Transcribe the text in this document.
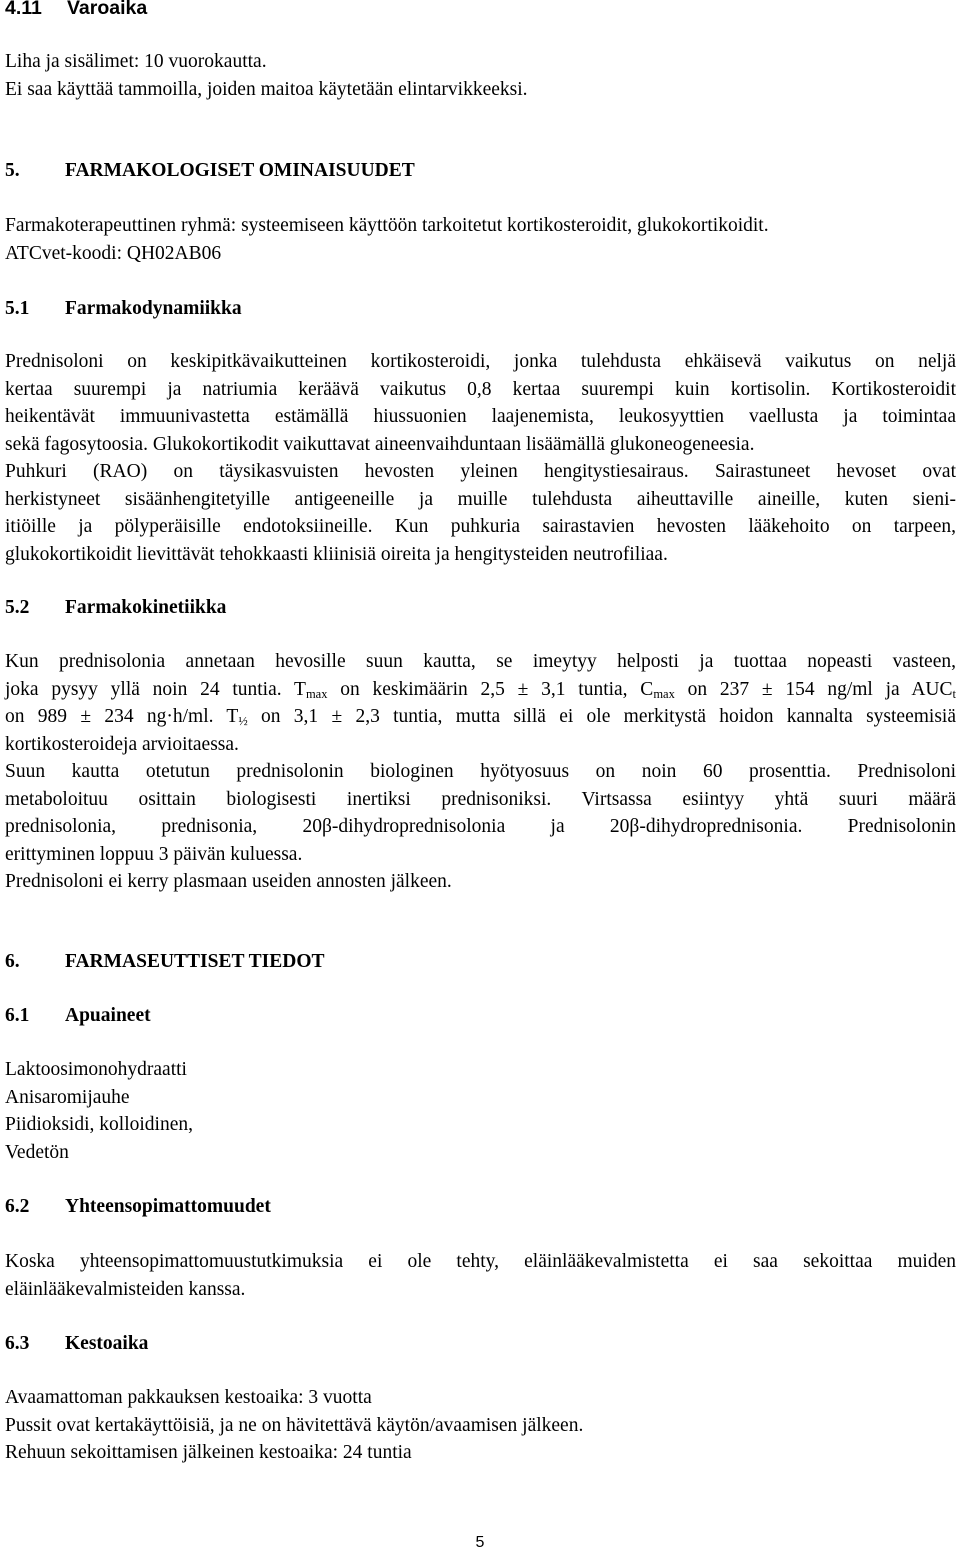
4.11 Varoaika
Liha ja sisälimet: 10 vuorokautta.
Ei saa käyttää tammoilla, joiden maitoa käytetään elintarvikkeeksi.
5. FARMAKOLOGISET OMINAISUUDET
Farmakoterapeuttinen ryhmä: systeemiseen käyttöön tarkoitetut kortikosteroidit, glukokortikoidit.
ATCvet-koodi: QH02AB06
5.1 Farmakodynamiikka
Prednisoloni on keskipitkävaikutteinen kortikosteroidi, jonka tulehdusta ehkäisevä vaikutus on neljä
kertaa suurempi ja natriumia keräävä vaikutus 0,8 kertaa suurempi kuin kortisolin. Kortikosteroidit
heikentävät immuunivastetta estämällä hiussuonien laajenemista, leukosyyttien vaellusta ja toimintaa
sekä fagosytoosia. Glukokortikodit vaikuttavat aineenvaihduntaan lisäämällä glukoneogeneesia.
Puhkuri (RAO) on täysikasvuisten hevosten yleinen hengitystiesairaus. Sairastuneet hevoset ovat
herkistyneet sisäänhengitetyille antigeeneille ja muille tulehdusta aiheuttaville aineille, kuten sieni-
itiöille ja pölyperäisille endotoksiineille. Kun puhkuria sairastavien hevosten lääkehoito on tarpeen,
glukokortikoidit lievittävät tehokkaasti kliinisiä oireita ja hengitysteiden neutrofiliaa.
5.2 Farmakokinetiikka
Kun prednisolonia annetaan hevosille suun kautta, se imeytyy helposti ja tuottaa nopeasti vasteen,
joka pysyy yllä noin 24 tuntia. $T_{max}$ on keskimäärin 2,5 ± 3,1 tuntia, $C_{max}$ on 237 ± 154 ng/ml ja $AUC_t$
on 989 ± 234 ng·h/ml. $T_{\frac{1}{2}}$ on 3,1 ± 2,3 tuntia, mutta sillä ei ole merkitystä hoidon kannalta systeemisiä
kortikosteroideja arvioitaessa.
Suun kautta otetutun prednisolonin biologinen hyötyosuus on noin 60 prosenttia. Prednisoloni
metaboloituu osittain biologisesti inertiksi prednisoniksi. Virtsassa esiintyy yhtä suuri määrä
prednisolonia, prednisonia, 20β-dihydroprednisolonia ja 20β-dihydroprednisonia. Prednisolonin
erittyminen loppuu 3 päivän kuluessa.
Prednisoloni ei kerry plasmaan useiden annosten jälkeen.
6. FARMASEUTTISET TIEDOT
6.1 Apuaineet
Laktoosimonohydraatti
Anisaromijauhe
Piidioksidi, kolloidinen,
Vedetön
6.2 Yhteensopimattomuudet
Koska yhteensopimattomuustutkimuksia ei ole tehty, eläinlääkevalmistetta ei saa sekoittaa muiden
eläinlääkevalmisteiden kanssa.
6.3 Kestoaika
Avaamattoman pakkauksen kestoaika: 3 vuotta
Pussit ovat kertakäyttöisiä, ja ne on hävitettävä käytön/avaamisen jälkeen.
Rehuun sekoittamisen jälkeinen kestoaika: 24 tuntia
5
